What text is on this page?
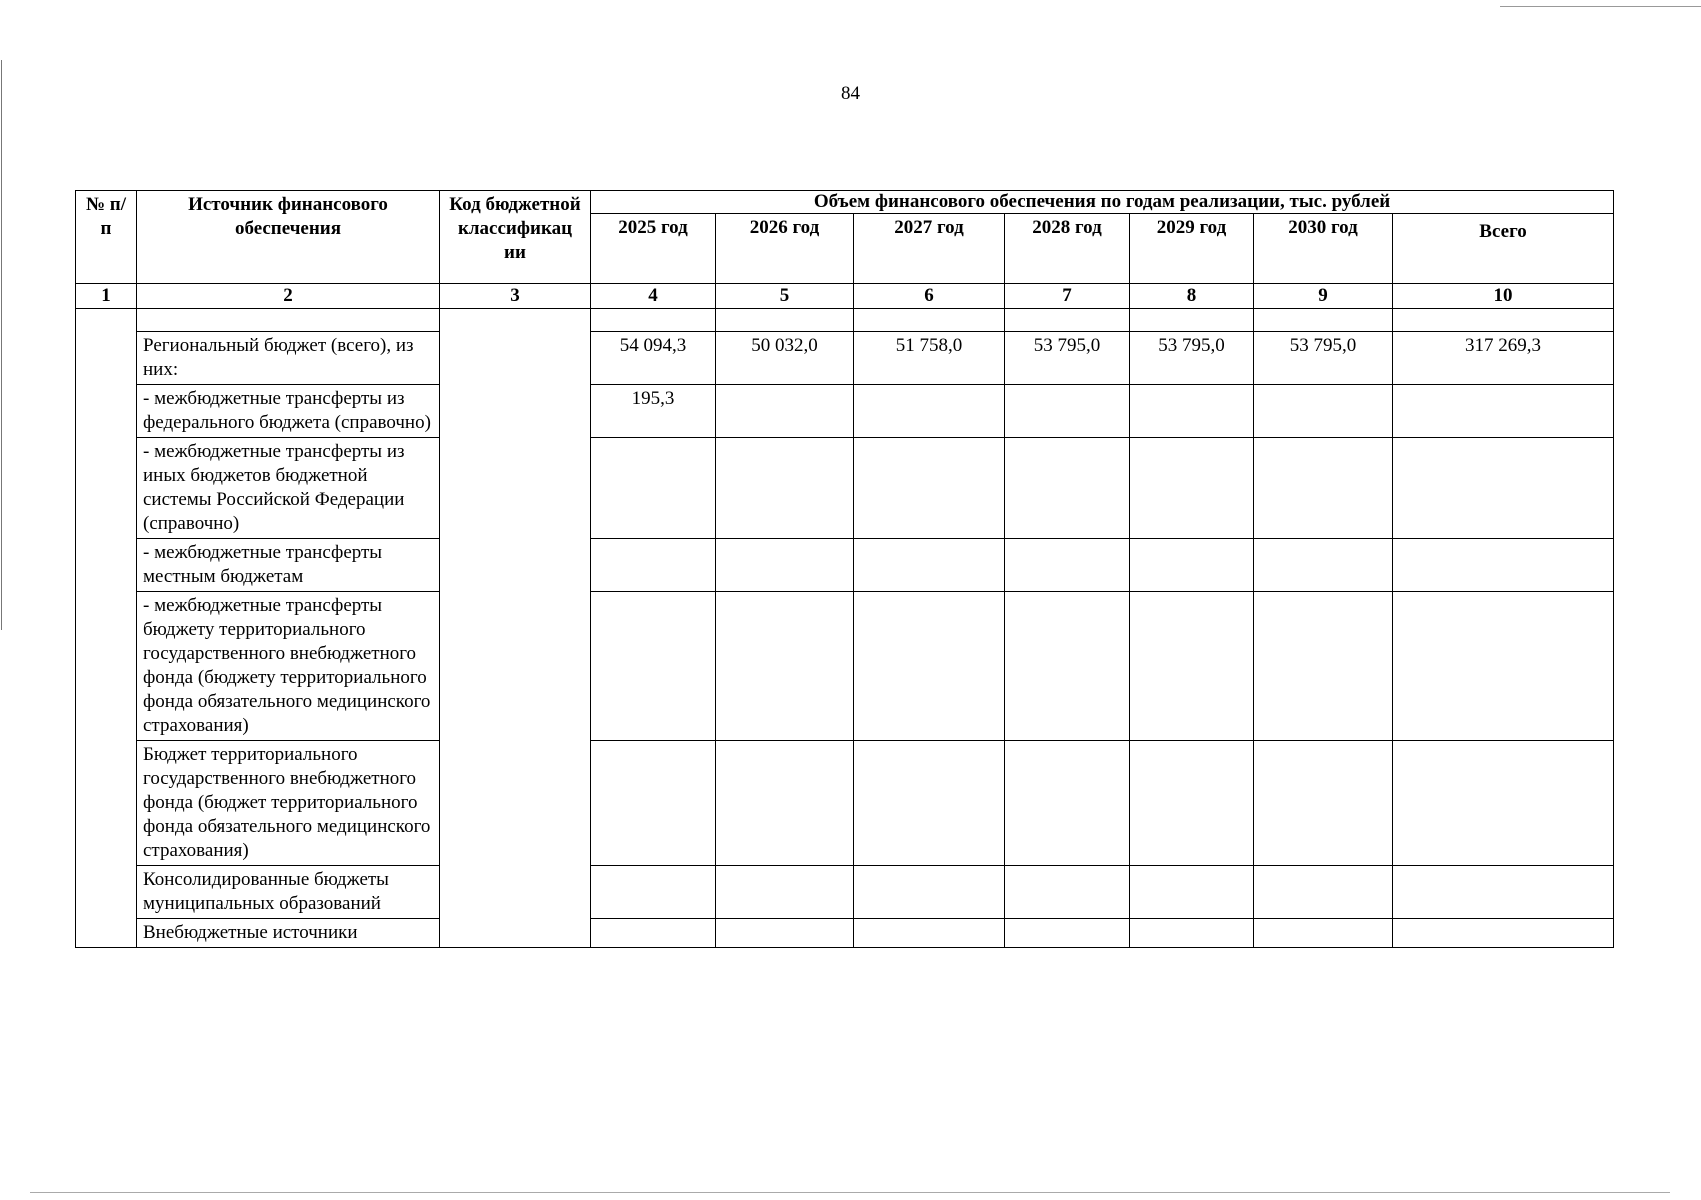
84
№ п/п	Источник финансового обеспечения	Код бюджетной классификац ии	Объем финансового обеспечения по годам реализации, тыс. рублей						
			2025 год	2026 год	2027 год	2028 год	2029 год	2030 год	Всего
1	2	3	4	5	6	7	8	9	10

	Региональный бюджет (всего), из них:		54 094,3	50 032,0	51 758,0	53 795,0	53 795,0	53 795,0	317 269,3
	- межбюджетные трансферты из федерального бюджета (справочно)		195,3						
	- межбюджетные трансферты из иных бюджетов бюджетной системы Российской Федерации (справочно)								
	- межбюджетные трансферты местным бюджетам								
	- межбюджетные трансферты бюджету территориального государственного внебюджетного фонда (бюджету территориального фонда обязательного медицинского страхования)								
	Бюджет территориального государственного внебюджетного фонда (бюджет территориального фонда обязательного медицинского страхования)								
	Консолидированные бюджеты муниципальных образований								
	Внебюджетные источники								
